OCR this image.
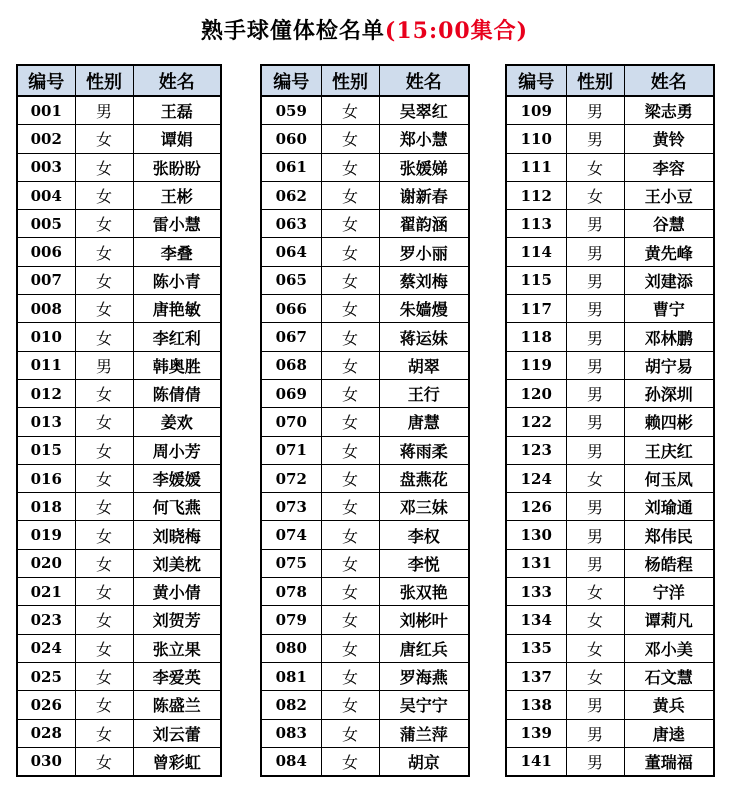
熟手球僮体检名单(15:00集合)
编号	性别	姓名
001	男	王磊
002	女	谭娟
003	女	张盼盼
004	女	王彬
005	女	雷小慧
006	女	李叠
007	女	陈小青
008	女	唐艳敏
010	女	李红利
011	男	韩奥胜
012	女	陈倩倩
013	女	姜欢
015	女	周小芳
016	女	李媛媛
018	女	何飞燕
019	女	刘晓梅
020	女	刘美枕
021	女	黄小倩
023	女	刘贺芳
024	女	张立果
025	女	李爱英
026	女	陈盛兰
028	女	刘云蕾
030	女	曾彩虹
编号	性别	姓名
059	女	吴翠红
060	女	郑小慧
061	女	张媛娣
062	女	谢新春
063	女	翟韵涵
064	女	罗小丽
065	女	蔡刘梅
066	女	朱嫱熳
067	女	蒋运妹
068	女	胡翠
069	女	王行
070	女	唐慧
071	女	蒋雨柔
072	女	盘燕花
073	女	邓三妹
074	女	李权
075	女	李悦
078	女	张双艳
079	女	刘彬叶
080	女	唐红兵
081	女	罗海燕
082	女	吴宁宁
083	女	蒲兰萍
084	女	胡京
编号	性别	姓名
109	男	梁志勇
110	男	黄铃
111	女	李容
112	女	王小豆
113	男	谷慧
114	男	黄先峰
115	男	刘建添
117	男	曹宁
118	男	邓林鹏
119	男	胡宁易
120	男	孙深圳
122	男	赖四彬
123	男	王庆红
124	女	何玉凤
126	男	刘瑜通
130	男	郑伟民
131	男	杨皓程
133	女	宁洋
134	女	谭莉凡
135	女	邓小美
137	女	石文慧
138	男	黄兵
139	男	唐逵
141	男	董瑞福
